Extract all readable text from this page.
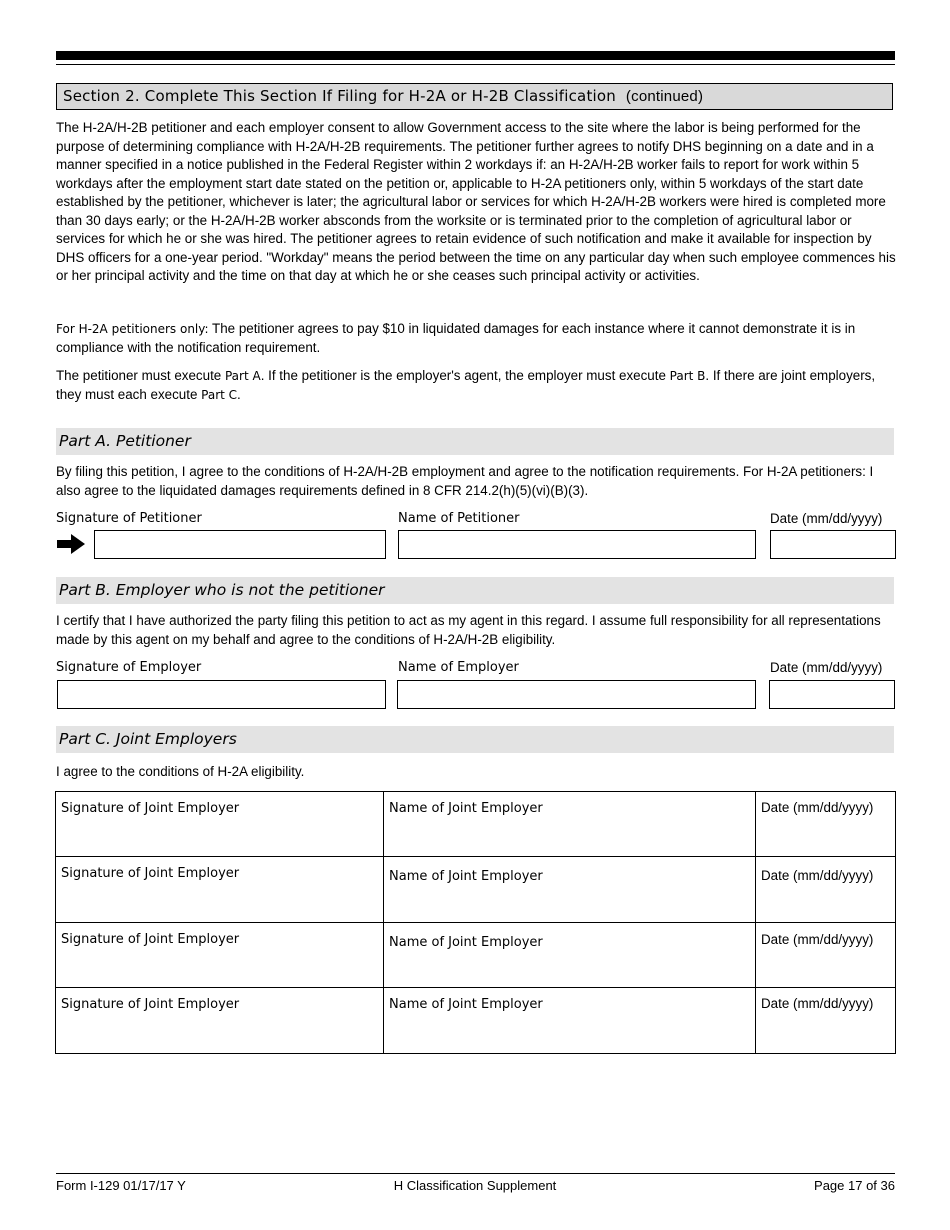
Section 2. Complete This Section If Filing for H-2A or H-2B Classification (continued)
The H-2A/H-2B petitioner and each employer consent to allow Government access to the site where the labor is being performed for the purpose of determining compliance with H-2A/H-2B requirements. The petitioner further agrees to notify DHS beginning on a date and in a manner specified in a notice published in the Federal Register within 2 workdays if: an H-2A/H-2B worker fails to report for work within 5 workdays after the employment start date stated on the petition or, applicable to H-2A petitioners only, within 5 workdays of the start date established by the petitioner, whichever is later; the agricultural labor or services for which H-2A/H-2B workers were hired is completed more than 30 days early; or the H-2A/H-2B worker absconds from the worksite or is terminated prior to the completion of agricultural labor or services for which he or she was hired. The petitioner agrees to retain evidence of such notification and make it available for inspection by DHS officers for a one-year period. "Workday" means the period between the time on any particular day when such employee commences his or her principal activity and the time on that day at which he or she ceases such principal activity or activities.
For H-2A petitioners only: The petitioner agrees to pay $10 in liquidated damages for each instance where it cannot demonstrate it is in compliance with the notification requirement.
The petitioner must execute Part A. If the petitioner is the employer's agent, the employer must execute Part B. If there are joint employers, they must each execute Part C.
Part A. Petitioner
By filing this petition, I agree to the conditions of H-2A/H-2B employment and agree to the notification requirements. For H-2A petitioners: I also agree to the liquidated damages requirements defined in 8 CFR 214.2(h)(5)(vi)(B)(3).
Signature of Petitioner	Name of Petitioner	Date (mm/dd/yyyy)
Part B. Employer who is not the petitioner
I certify that I have authorized the party filing this petition to act as my agent in this regard. I assume full responsibility for all representations made by this agent on my behalf and agree to the conditions of H-2A/H-2B eligibility.
Signature of Employer	Name of Employer	Date (mm/dd/yyyy)
Part C. Joint Employers
I agree to the conditions of H-2A eligibility.
Signature of Joint Employer	Name of Joint Employer	Date (mm/dd/yyyy)
Signature of Joint Employer	Name of Joint Employer	Date (mm/dd/yyyy)
Signature of Joint Employer	Name of Joint Employer	Date (mm/dd/yyyy)
Signature of Joint Employer	Name of Joint Employer	Date (mm/dd/yyyy)
Form I-129 01/17/17 Y	H Classification Supplement	Page 17 of 36
